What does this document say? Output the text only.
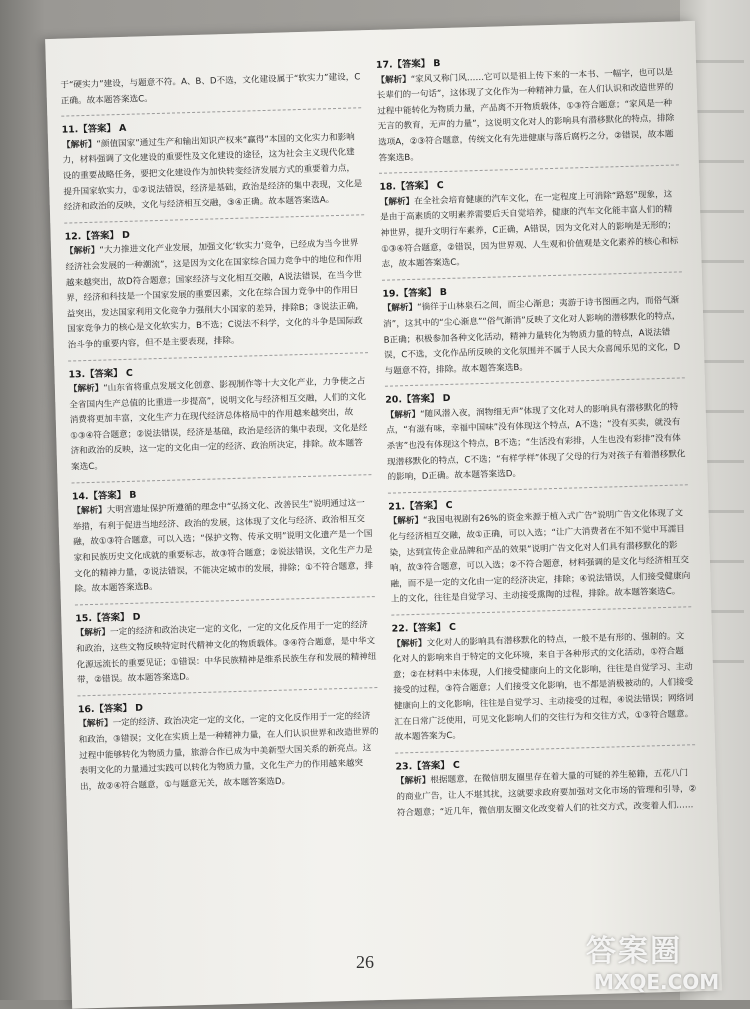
于“硬实力”建设，与题意不符。A、B、D不选，文化建设属于“软实力”建设，C正确。故本题答案选C。
11.【答案】 A
【解析】“颜值国家”通过生产和输出知识产权来“赢得”本国的文化实力和影响力，材料强调了文化建设的重要性及文化建设的途径，这为社会主义现代化建设的重要战略任务，要把文化建设作为加快转变经济发展方式的重要着力点，提升国家软实力，①②说法错误，经济是基础，政治是经济的集中表现，文化是经济和政治的反映，文化与经济相互交融，③④正确。故本题答案选A。
12.【答案】 D
【解析】“大力推进文化产业发展，加强文化‘软实力’竞争，已经成为当今世界经济社会发展的一种潮流”，这是因为文化在国家综合国力竞争中的地位和作用越来越突出，故D符合题意；国家经济与文化相互交融，A说法错误，在当今世界，经济和科技是一个国家发展的重要因素，文化在综合国力竞争中的作用日益突出，发达国家利用文化竞争力强削大小国家的差异，排除B；③说法正确，国家竞争力的核心是文化软实力，B不选；C说法不科学，文化的斗争是国际政治斗争的重要内容，但不是主要表现，排除。
13.【答案】 C
【解析】“山东省将重点发展文化创意、影视制作等十大文化产业，力争使之占全省国内生产总值的比重进一步提高”，说明文化与经济相互交融，人们的文化消费将更加丰富，文化生产力在现代经济总体格局中的作用越来越突出，故①③④符合题意；②说法错误，经济是基础，政治是经济的集中表现，文化是经济和政治的反映，这一定的文化由一定的经济、政治所决定，排除。故本题答案选C。
14.【答案】 B
【解析】大明宫遗址保护所遵循的理念中“弘扬文化、改善民生”说明通过这一举措，有利于促进当地经济、政治的发展，这体现了文化与经济、政治相互交融，故①③符合题意，可以入选；“保护文物、传承文明”说明文化遗产是一个国家和民族历史文化成就的重要标志，故③符合题意；②说法错误，文化生产力是文化的精神力量，②说法错误，不能决定城市的发展，排除；①不符合题意，排除。故本题答案选B。
15.【答案】 D
【解析】一定的经济和政治决定一定的文化，一定的文化反作用于一定的经济和政治，这些文物反映特定时代精神文化的物质载体。③④符合题意，是中华文化源远流长的重要见证；①错误：中华民族精神是维系民族生存和发展的精神纽带，②错误。故本题答案选D。
16.【答案】 D
【解析】一定的经济、政治决定一定的文化，一定的文化反作用于一定的经济和政治，③错误；文化在实质上是一种精神力量，在人们认识世界和改造世界的过程中能够转化为物质力量，旅游合作已成为中美新型大国关系的新亮点。这表明文化的力量通过实践可以转化为物质力量，文化生产力的作用越来越突出，故②④符合题意，①与题意无关，故本题答案选D。
17.【答案】 B
【解析】“家风又称门风……它可以是祖上传下来的一本书、一幅字，也可以是长辈们的一句话”，这体现了文化作为一种精神力量，在人们认识和改造世界的过程中能转化为物质力量，产品离不开物质载体，①③符合题意；“家风是一种无言的教育，无声的力量”，这说明文化对人的影响具有潜移默化的特点，排除选项A，②③符合题意，传统文化有先进健康与落后腐朽之分，②错误，故本题答案选B。
18.【答案】 C
【解析】在全社会培育健康的汽车文化，在一定程度上可消除“路怒”现象，这是由于高素质的文明素养需要后天自觉培养，健康的汽车文化能丰富人们的精神世界，提升文明行车素养，C正确，A错误，因为文化对人的影响是无形的；①③④符合题意，②错误，因为世界观、人生观和价值观是文化素养的核心和标志，故本题答案选C。
19.【答案】 B
【解析】“徜徉于山林泉石之间，而尘心渐息；夷游于诗书图画之内，而俗气渐消”，这其中的“尘心渐息”“俗气渐消”反映了文化对人影响的潜移默化的特点，B正确；积极参加各种文化活动，精神力量转化为物质力量的特点，A说法错误，C不选，文化作品所反映的文化氛围并不属于人民大众喜闻乐见的文化，D与题意不符，排除。故本题答案选B。
20.【答案】 D
【解析】“随风潜入夜，润物细无声”体现了文化对人的影响具有潜移默化的特点，“有滋有味，幸福中国味”没有体现这个特点，A不选；“没有买卖，就没有杀害”也没有体现这个特点，B不选；“生活没有彩排，人生也没有彩排”没有体现潜移默化的特点，C不选；“有样学样”体现了父母的行为对孩子有着潜移默化的影响，D正确。故本题答案选D。
21.【答案】 C
【解析】“我国电视剧有26%的资金来源于植入式广告”说明广告文化体现了文化与经济相互交融，故①正确，可以入选；“让广大消费者在不知不觉中耳濡目染，达到宣传企业品牌和产品的效果”说明广告文化对人们具有潜移默化的影响，故③符合题意，可以入选；②不符合题意，材料强调的是文化与经济相互交融，而不是一定的文化由一定的经济决定，排除；④说法错误，人们接受健康向上的文化，往往是自觉学习、主动接受熏陶的过程，排除。故本题答案选C。
22.【答案】 C
【解析】文化对人的影响具有潜移默化的特点，一般不是有形的、强制的。文化对人的影响来自于特定的文化环境，来自于各种形式的文化活动，①符合题意；②在材料中未体现，人们接受健康向上的文化影响，往往是自觉学习、主动接受的过程，③符合题意；人们接受文化影响，也不都是消极被动的，人们接受健康向上的文化影响，往往是自觉学习、主动接受的过程，④说法错误；网络词汇在日常广泛使用，可见文化影响人们的交往行为和交往方式，①③符合题意。故本题答案为C。
23.【答案】 C
【解析】根据题意，在微信朋友圈里存在着大量的可疑的养生秘籍，五花八门的商业广告，让人不堪其扰，这就要求政府要加强对文化市场的管理和引导，②符合题意；“近几年，微信朋友圈文化改变着人们的社交方式，改变着人们……
26	答案圈
MXQE.COM
